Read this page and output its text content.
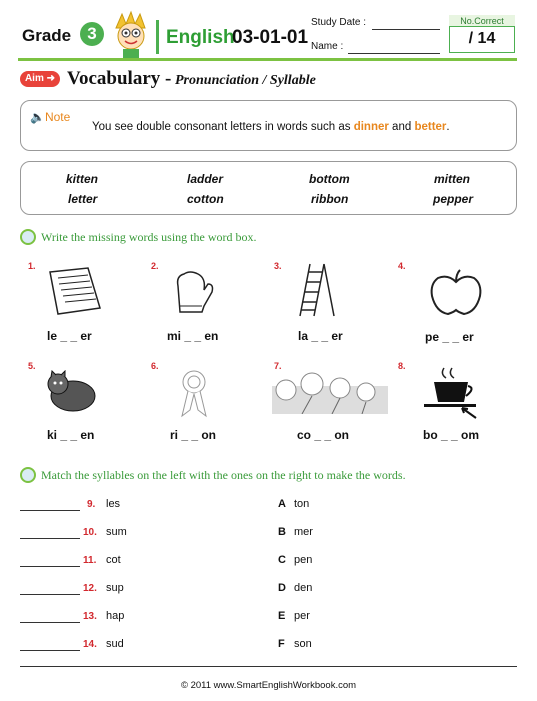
Grade 3	English
03-01-01
Study Date :
Name :
No.Correct
/ 14
Aim ➜ Vocabulary - Pronunciation / Syllable
🔈Note
You see double consonant letters in words such as dinner and better.
kitten	ladder	bottom	mitten
letter	cotton	ribbon	pepper
Write the missing words using the word box.
1.
le _ _ er
2.
mi _ _ en
3.
la _ _ er
4.
pe _ _ er
5.
ki _ _ en
6.
ri _ _ on
7.
co _ _ on
8.
bo _ _ om
Match the syllables on the left with the ones on the right to make the words.
9. les	A ton
10. sum	B mer
11. cot	C pen
12. sup	D den
13. hap	E per
14. sud	F son
© 2011 www.SmartEnglishWorkbook.com
